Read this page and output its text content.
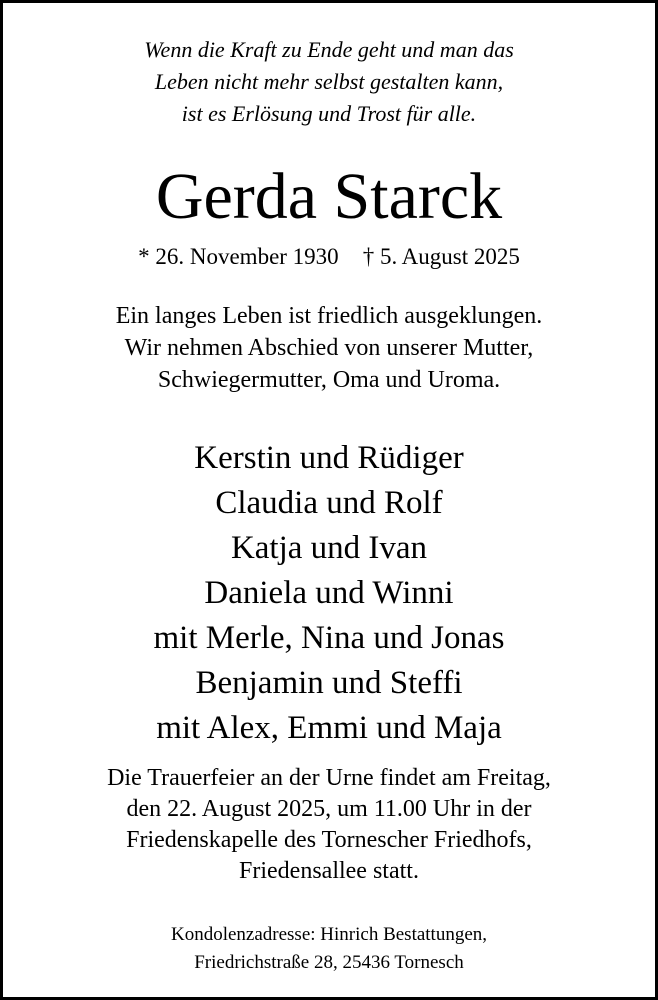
Wenn die Kraft zu Ende geht und man das
Leben nicht mehr selbst gestalten kann,
ist es Erlösung und Trost für alle.
Gerda Starck
* 26. November 1930 † 5. August 2025
Ein langes Leben ist friedlich ausgeklungen.
Wir nehmen Abschied von unserer Mutter,
Schwiegermutter, Oma und Uroma.
Kerstin und Rüdiger
Claudia und Rolf
Katja und Ivan
Daniela und Winni
mit Merle, Nina und Jonas
Benjamin und Steffi
mit Alex, Emmi und Maja
Die Trauerfeier an der Urne findet am Freitag,
den 22. August 2025, um 11.00 Uhr in der
Friedenskapelle des Tornescher Friedhofs,
Friedensallee statt.
Kondolenzadresse: Hinrich Bestattungen,
Friedrichstraße 28, 25436 Tornesch
